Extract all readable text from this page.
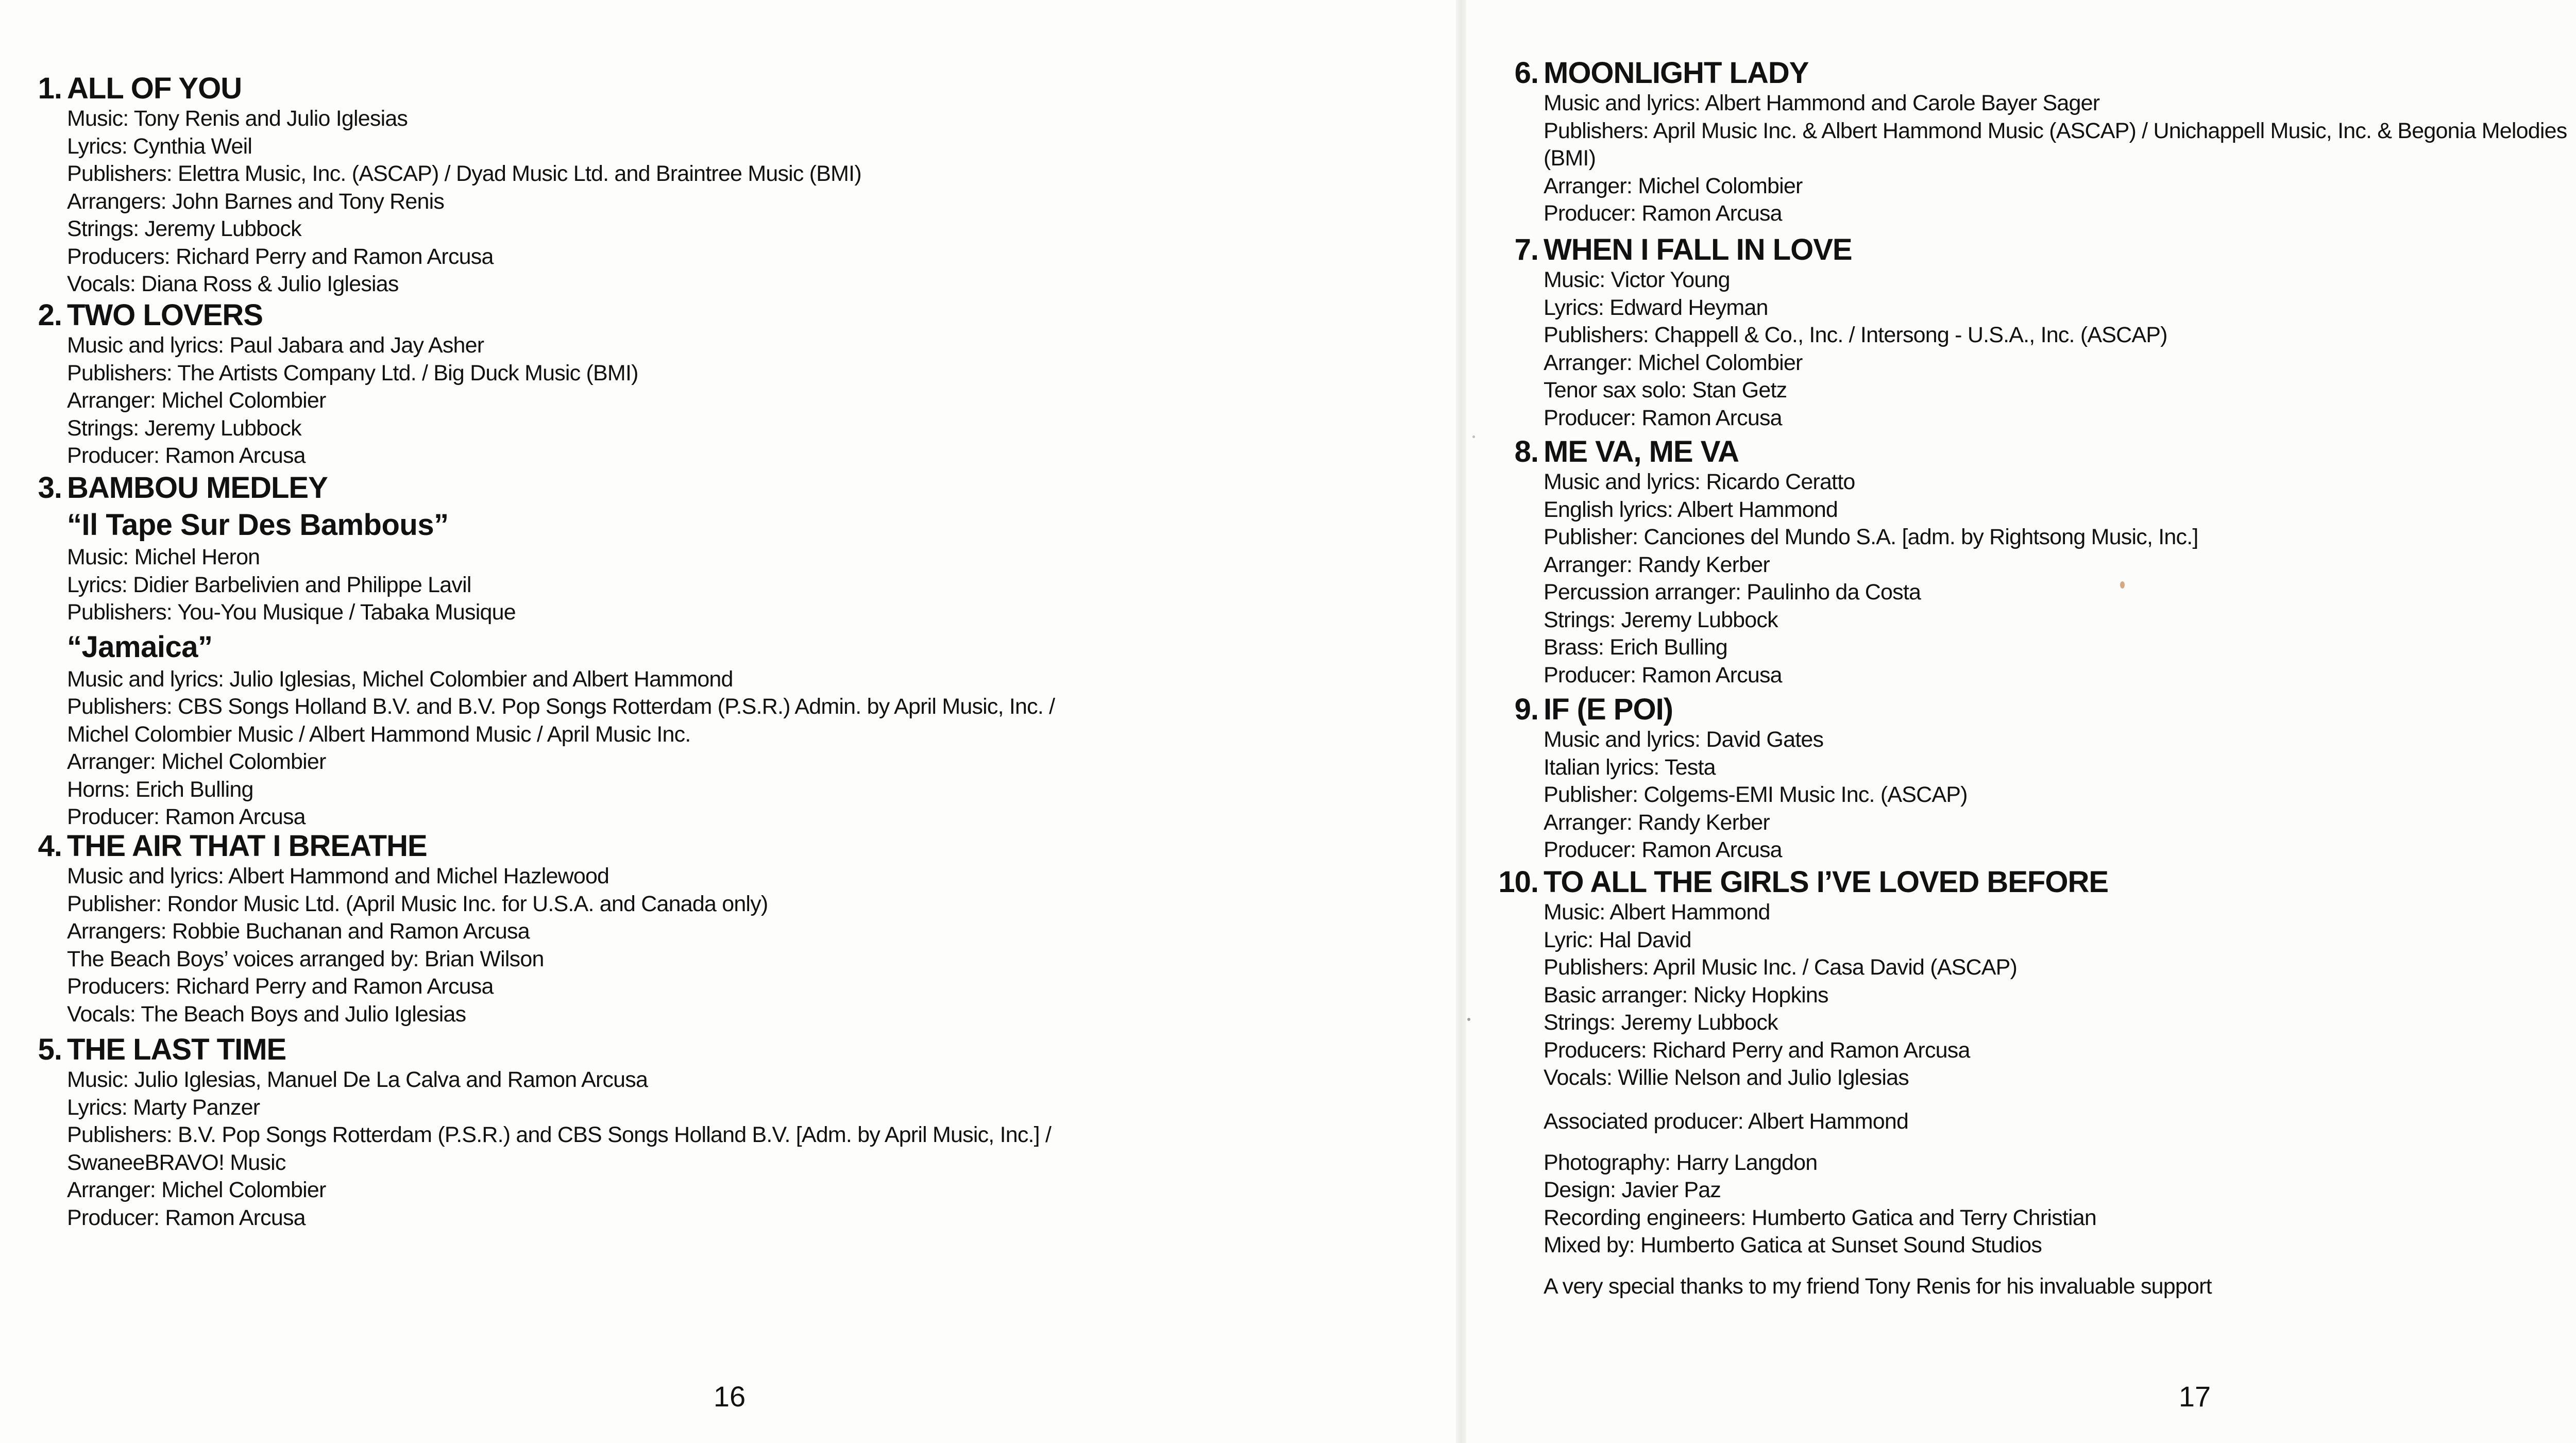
1. ALL OF YOU
Music: Tony Renis and Julio Iglesias
Lyrics: Cynthia Weil
Publishers: Elettra Music, Inc. (ASCAP) / Dyad Music Ltd. and Braintree Music (BMI)
Arrangers: John Barnes and Tony Renis
Strings: Jeremy Lubbock
Producers: Richard Perry and Ramon Arcusa
Vocals: Diana Ross & Julio Iglesias
2. TWO LOVERS
Music and lyrics: Paul Jabara and Jay Asher
Publishers: The Artists Company Ltd. / Big Duck Music (BMI)
Arranger: Michel Colombier
Strings: Jeremy Lubbock
Producer: Ramon Arcusa
3. BAMBOU MEDLEY
“Il Tape Sur Des Bambous”
Music: Michel Heron
Lyrics: Didier Barbelivien and Philippe Lavil
Publishers: You-You Musique / Tabaka Musique
“Jamaica”
Music and lyrics: Julio Iglesias, Michel Colombier and Albert Hammond
Publishers: CBS Songs Holland B.V. and B.V. Pop Songs Rotterdam (P.S.R.) Admin. by April Music, Inc. /
Michel Colombier Music / Albert Hammond Music / April Music Inc.
Arranger: Michel Colombier
Horns: Erich Bulling
Producer: Ramon Arcusa
4. THE AIR THAT I BREATHE
Music and lyrics: Albert Hammond and Michel Hazlewood
Publisher: Rondor Music Ltd. (April Music Inc. for U.S.A. and Canada only)
Arrangers: Robbie Buchanan and Ramon Arcusa
The Beach Boys’ voices arranged by: Brian Wilson
Producers: Richard Perry and Ramon Arcusa
Vocals: The Beach Boys and Julio Iglesias
5. THE LAST TIME
Music: Julio Iglesias, Manuel De La Calva and Ramon Arcusa
Lyrics: Marty Panzer
Publishers: B.V. Pop Songs Rotterdam (P.S.R.) and CBS Songs Holland B.V. [Adm. by April Music, Inc.] /
SwaneeBRAVO! Music
Arranger: Michel Colombier
Producer: Ramon Arcusa
6. MOONLIGHT LADY
Music and lyrics: Albert Hammond and Carole Bayer Sager
Publishers: April Music Inc. & Albert Hammond Music (ASCAP) / Unichappell Music, Inc. & Begonia Melodies
(BMI)
Arranger: Michel Colombier
Producer: Ramon Arcusa
7. WHEN I FALL IN LOVE
Music: Victor Young
Lyrics: Edward Heyman
Publishers: Chappell & Co., Inc. / Intersong - U.S.A., Inc. (ASCAP)
Arranger: Michel Colombier
Tenor sax solo: Stan Getz
Producer: Ramon Arcusa
8. ME VA, ME VA
Music and lyrics: Ricardo Ceratto
English lyrics: Albert Hammond
Publisher: Canciones del Mundo S.A. [adm. by Rightsong Music, Inc.]
Arranger: Randy Kerber
Percussion arranger: Paulinho da Costa
Strings: Jeremy Lubbock
Brass: Erich Bulling
Producer: Ramon Arcusa
9. IF (E POI)
Music and lyrics: David Gates
Italian lyrics: Testa
Publisher: Colgems-EMI Music Inc. (ASCAP)
Arranger: Randy Kerber
Producer: Ramon Arcusa
10. TO ALL THE GIRLS I’VE LOVED BEFORE
Music: Albert Hammond
Lyric: Hal David
Publishers: April Music Inc. / Casa David (ASCAP)
Basic arranger: Nicky Hopkins
Strings: Jeremy Lubbock
Producers: Richard Perry and Ramon Arcusa
Vocals: Willie Nelson and Julio Iglesias
Associated producer: Albert Hammond
Photography: Harry Langdon
Design: Javier Paz
Recording engineers: Humberto Gatica and Terry Christian
Mixed by: Humberto Gatica at Sunset Sound Studios
A very special thanks to my friend Tony Renis for his invaluable support
16	17
